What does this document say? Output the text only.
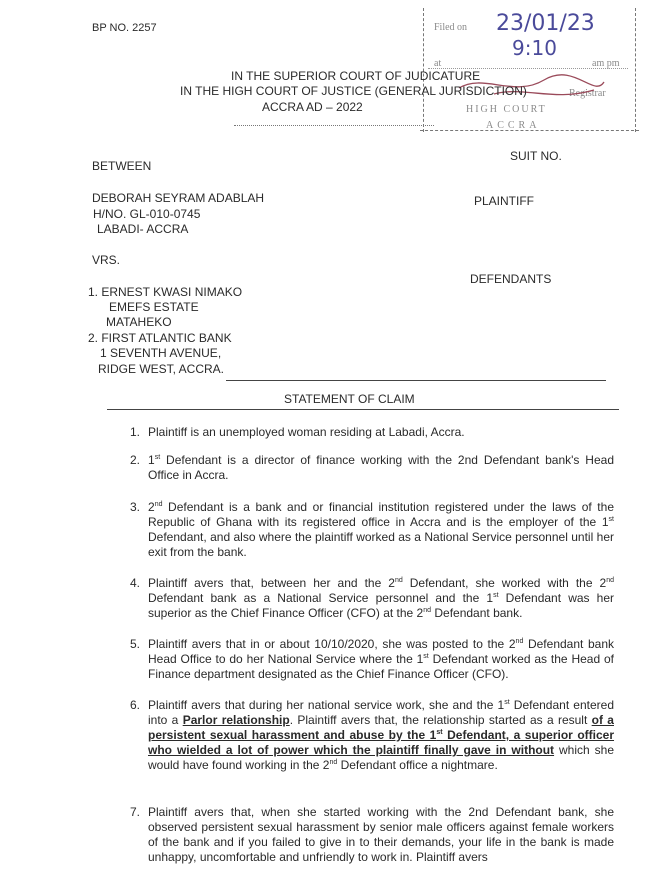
BP NO. 2257	Filed on 23/01/23
at
9:10
am pm
Registrar
HIGH COURT
ACCRA
IN THE SUPERIOR COURT OF JUDICATURE
IN THE HIGH COURT OF JUSTICE (GENERAL JURISDICTION)
ACCRA AD – 2022
SUIT NO.
BETWEEN
DEBORAH SEYRAM ADABLAH
H/NO. GL-010-0745
LABADI- ACCRA
PLAINTIFF
VRS.
DEFENDANTS
1. ERNEST KWASI NIMAKO
EMEFS ESTATE
MATAHEKO
2. FIRST ATLANTIC BANK
1 SEVENTH AVENUE,
RIDGE WEST, ACCRA.
STATEMENT OF CLAIM
1. Plaintiff is an unemployed woman residing at Labadi, Accra.
2. 1st Defendant is a director of finance working with the 2nd Defendant bank's Head Office in Accra.
3. 2nd Defendant is a bank and or financial institution registered under the laws of the Republic of Ghana with its registered office in Accra and is the employer of the 1st Defendant, and also where the plaintiff worked as a National Service personnel until her exit from the bank.
4. Plaintiff avers that, between her and the 2nd Defendant, she worked with the 2nd Defendant bank as a National Service personnel and the 1st Defendant was her superior as the Chief Finance Officer (CFO) at the 2nd Defendant bank.
5. Plaintiff avers that in or about 10/10/2020, she was posted to the 2nd Defendant bank Head Office to do her National Service where the 1st Defendant worked as the Head of Finance department designated as the Chief Finance Officer (CFO).
6. Plaintiff avers that during her national service work, she and the 1st Defendant entered into a Parlor relationship. Plaintiff avers that, the relationship started as a result of a persistent sexual harassment and abuse by the 1st Defendant, a superior officer who wielded a lot of power which the plaintiff finally gave in without which she would have found working in the 2nd Defendant office a nightmare.
7. Plaintiff avers that, when she started working with the 2nd Defendant bank, she observed persistent sexual harassment by senior male officers against female workers of the bank and if you failed to give in to their demands, your life in the bank is made unhappy, uncomfortable and unfriendly to work in. Plaintiff avers
